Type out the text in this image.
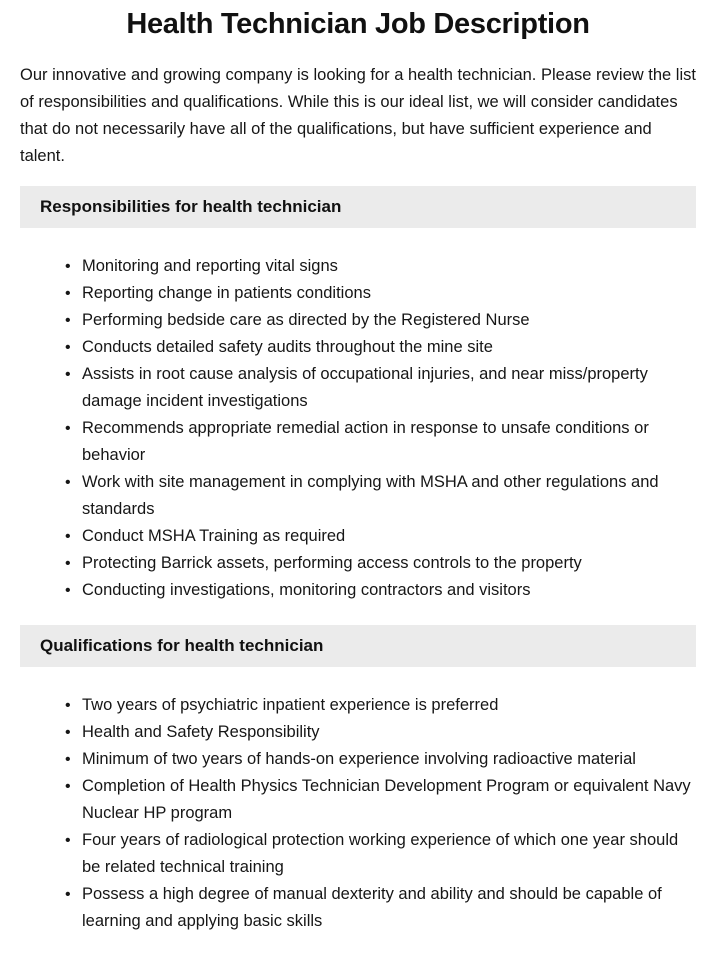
Health Technician Job Description

Our innovative and growing company is looking for a health technician. Please review the list of responsibilities and qualifications. While this is our ideal list, we will consider candidates that do not necessarily have all of the qualifications, but have sufficient experience and talent.

Responsibilities for health technician
• Monitoring and reporting vital signs
• Reporting change in patients conditions
• Performing bedside care as directed by the Registered Nurse
• Conducts detailed safety audits throughout the mine site
• Assists in root cause analysis of occupational injuries, and near miss/property damage incident investigations
• Recommends appropriate remedial action in response to unsafe conditions or behavior
• Work with site management in complying with MSHA and other regulations and standards
• Conduct MSHA Training as required
• Protecting Barrick assets, performing access controls to the property
• Conducting investigations, monitoring contractors and visitors
Qualifications for health technician
• Two years of psychiatric inpatient experience is preferred
• Health and Safety Responsibility
• Minimum of two years of hands-on experience involving radioactive material
• Completion of Health Physics Technician Development Program or equivalent Navy Nuclear HP program
• Four years of radiological protection working experience of which one year should be related technical training
• Possess a high degree of manual dexterity and ability and should be capable of learning and applying basic skills
